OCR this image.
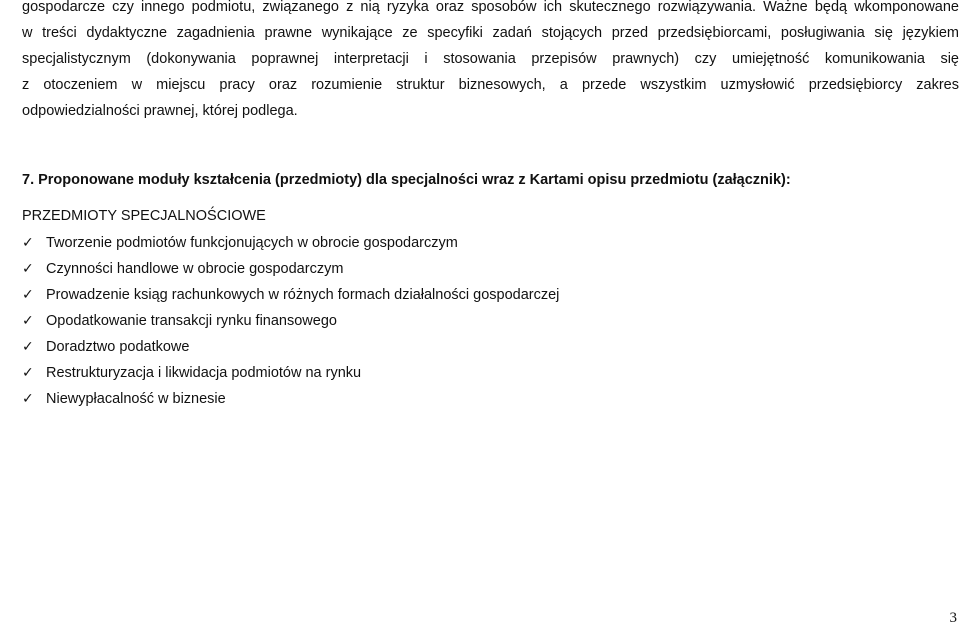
gospodarcze czy innego podmiotu, związanego z nią ryzyka oraz sposobów ich skutecznego rozwiązywania. Ważne będą wkomponowane
w treści dydaktyczne zagadnienia prawne wynikające ze specyfiki zadań stojących przed przedsiębiorcami, posługiwania się językiem
specjalistycznym (dokonywania poprawnej interpretacji i stosowania przepisów prawnych) czy umiejętność komunikowania się
z otoczeniem w miejscu pracy oraz rozumienie struktur biznesowych, a przede wszystkim uzmysłowić przedsiębiorcy zakres
odpowiedzialności prawnej, której podlega.
7. Proponowane moduły kształcenia (przedmioty) dla specjalności wraz z Kartami opisu przedmiotu (załącznik):
PRZEDMIOTY SPECJALNOŚCIOWE
✓ Tworzenie podmiotów funkcjonujących w obrocie gospodarczym
✓ Czynności handlowe w obrocie gospodarczym
✓ Prowadzenie ksiąg rachunkowych w różnych formach działalności gospodarczej
✓ Opodatkowanie transakcji rynku finansowego
✓ Doradztwo podatkowe
✓ Restrukturyzacja i likwidacja podmiotów na rynku
✓ Niewypłacalność w biznesie
3
